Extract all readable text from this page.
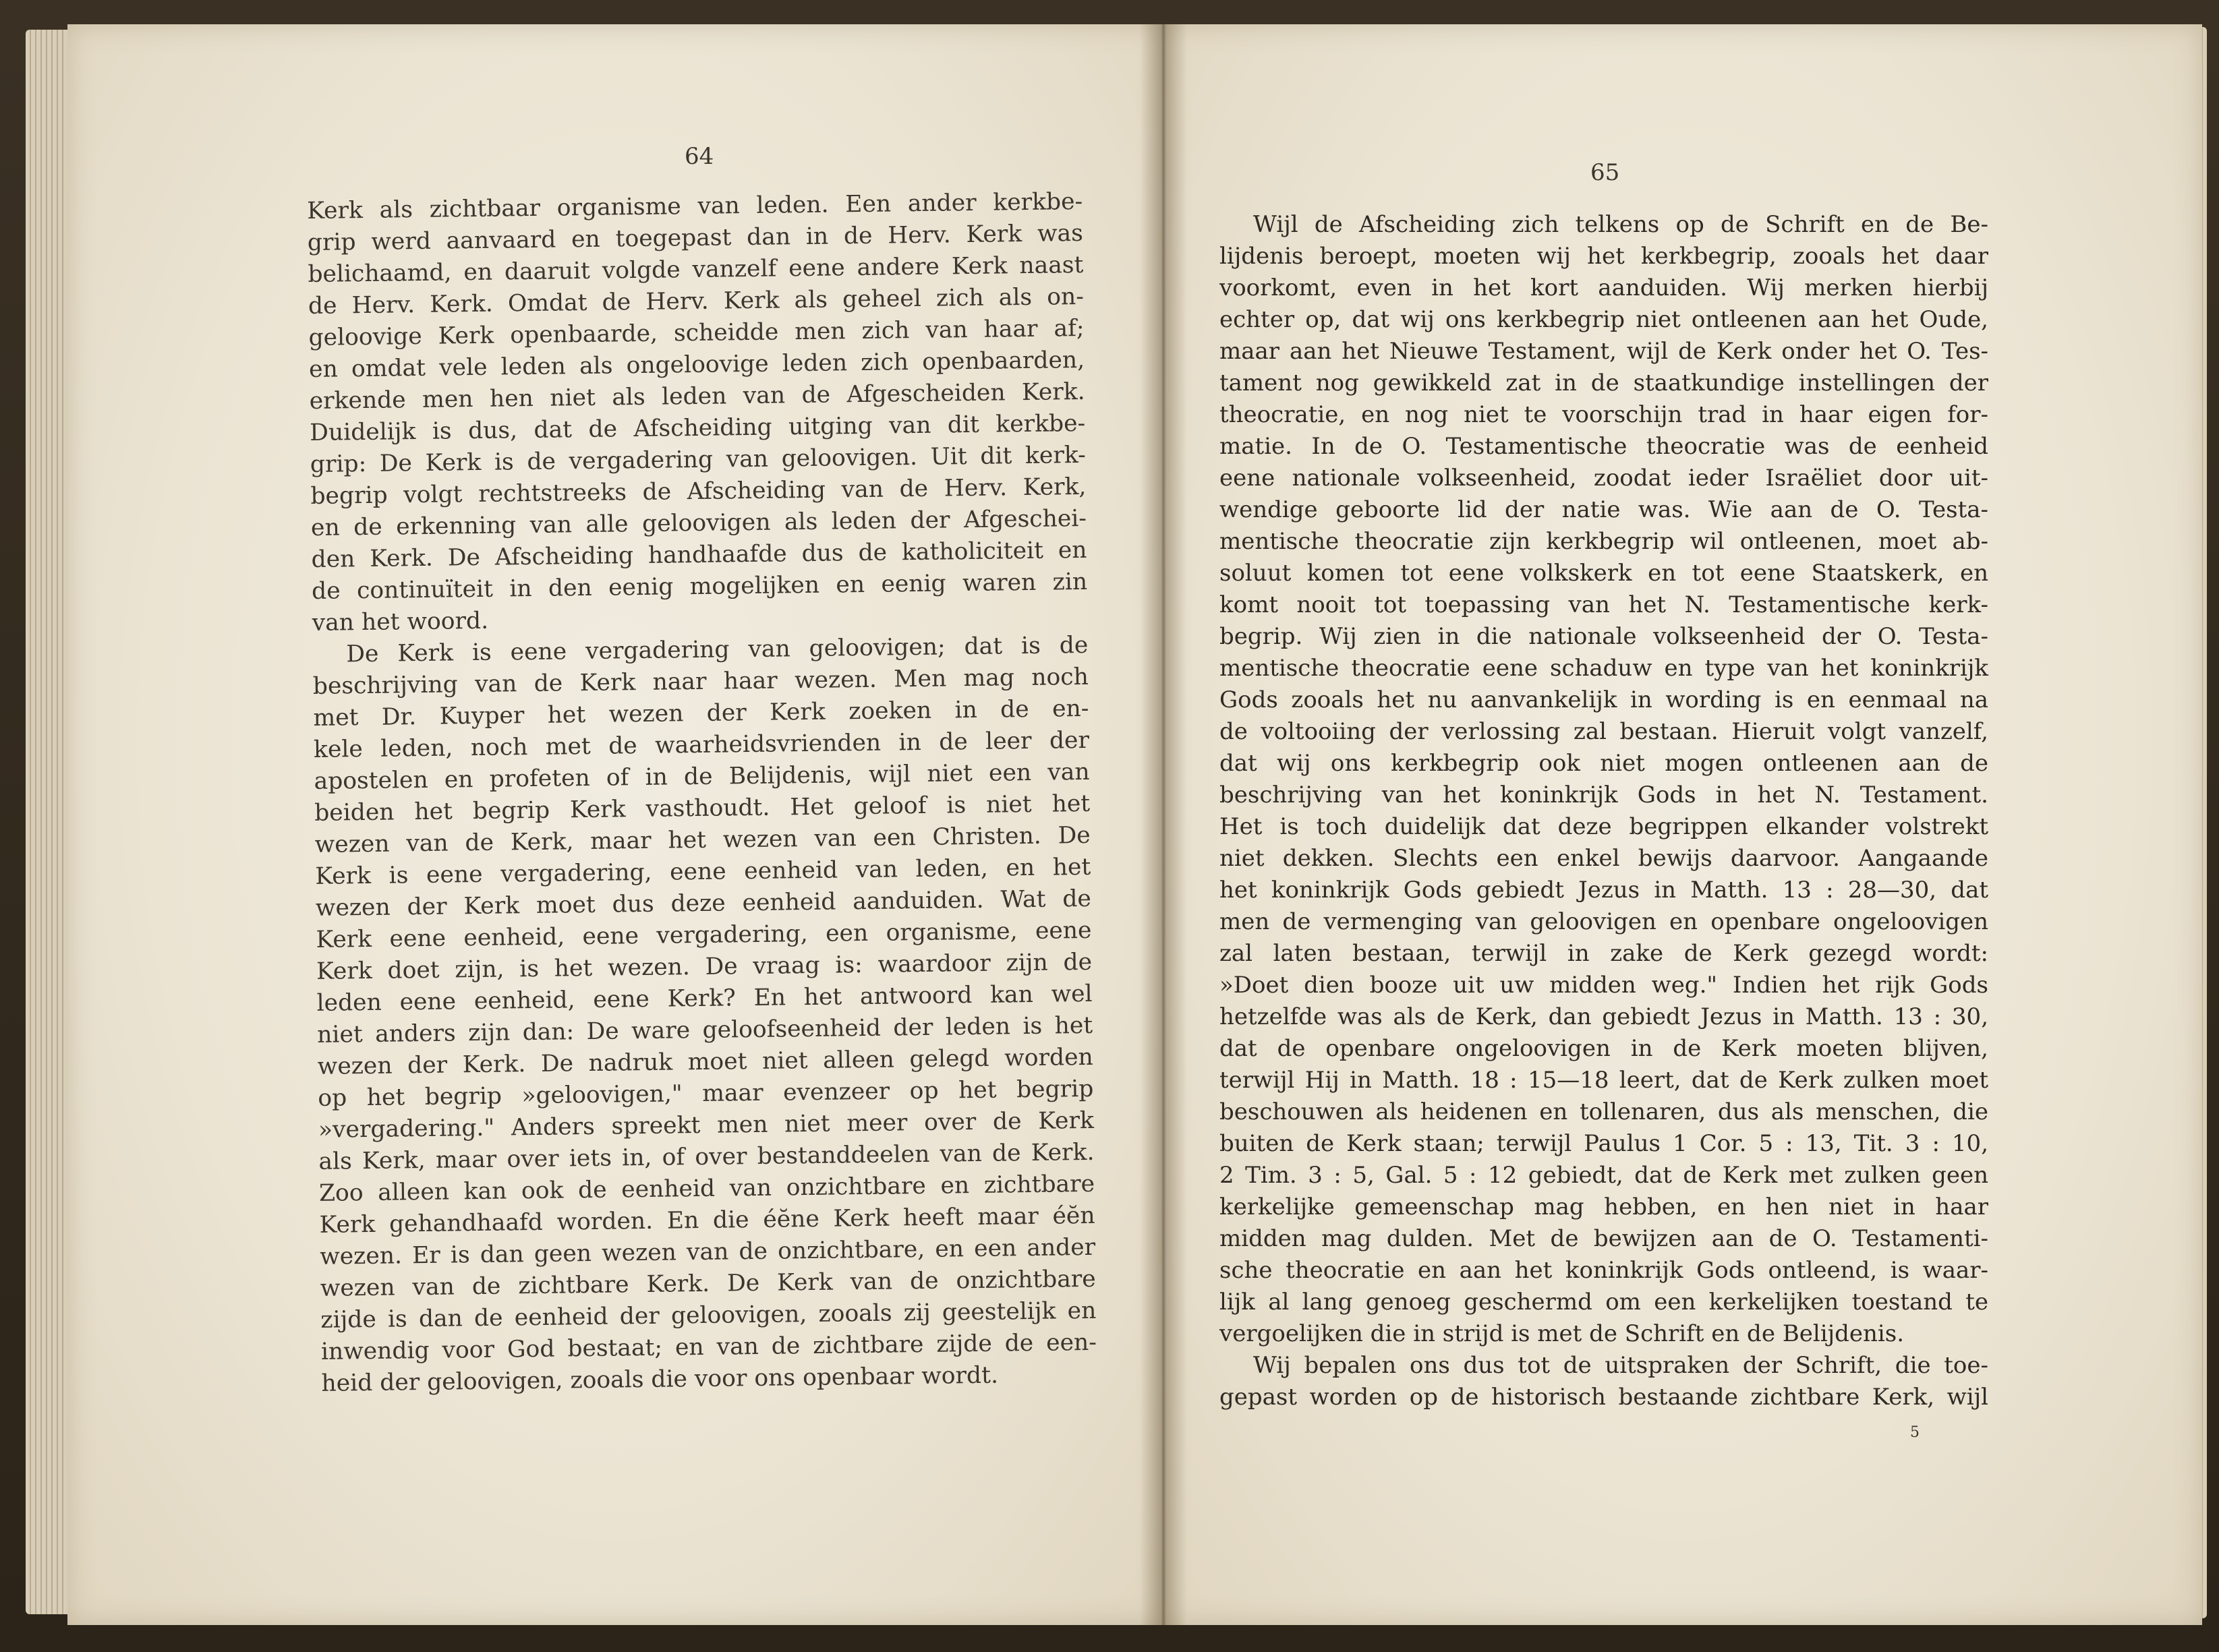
64
65
Kerk als zichtbaar organisme van leden. Een ander kerkbe-
grip werd aanvaard en toegepast dan in de Herv. Kerk was
belichaamd, en daaruit volgde vanzelf eene andere Kerk naast
de Herv. Kerk. Omdat de Herv. Kerk als geheel zich als on-
geloovige Kerk openbaarde, scheidde men zich van haar af;
en omdat vele leden als ongeloovige leden zich openbaarden,
erkende men hen niet als leden van de Afgescheiden Kerk.
Duidelijk is dus, dat de Afscheiding uitging van dit kerkbe-
grip: De Kerk is de vergadering van geloovigen. Uit dit kerk-
begrip volgt rechtstreeks de Afscheiding van de Herv. Kerk,
en de erkenning van alle geloovigen als leden der Afgeschei-
den Kerk. De Afscheiding handhaafde dus de katholiciteit en
de continuïteit in den eenig mogelijken en eenig waren zin
van het woord.
De Kerk is eene vergadering van geloovigen; dat is de
beschrijving van de Kerk naar haar wezen. Men mag noch
met Dr. Kuyper het wezen der Kerk zoeken in de en-
kele leden, noch met de waarheidsvrienden in de leer der
apostelen en profeten of in de Belijdenis, wijl niet een van
beiden het begrip Kerk vasthoudt. Het geloof is niet het
wezen van de Kerk, maar het wezen van een Christen. De
Kerk is eene vergadering, eene eenheid van leden, en het
wezen der Kerk moet dus deze eenheid aanduiden. Wat de
Kerk eene eenheid, eene vergadering, een organisme, eene
Kerk doet zijn, is het wezen. De vraag is: waardoor zijn de
leden eene eenheid, eene Kerk? En het antwoord kan wel
niet anders zijn dan: De ware geloofseenheid der leden is het
wezen der Kerk. De nadruk moet niet alleen gelegd worden
op het begrip »geloovigen," maar evenzeer op het begrip
»vergadering." Anders spreekt men niet meer over de Kerk
als Kerk, maar over iets in, of over bestanddeelen van de Kerk.
Zoo alleen kan ook de eenheid van onzichtbare en zichtbare
Kerk gehandhaafd worden. En die éĕne Kerk heeft maar éĕn
wezen. Er is dan geen wezen van de onzichtbare, en een ander
wezen van de zichtbare Kerk. De Kerk van de onzichtbare
zijde is dan de eenheid der geloovigen, zooals zij geestelijk en
inwendig voor God bestaat; en van de zichtbare zijde de een-
heid der geloovigen, zooals die voor ons openbaar wordt.
Wijl de Afscheiding zich telkens op de Schrift en de Be-
lijdenis beroept, moeten wij het kerkbegrip, zooals het daar
voorkomt, even in het kort aanduiden. Wij merken hierbij
echter op, dat wij ons kerkbegrip niet ontleenen aan het Oude,
maar aan het Nieuwe Testament, wijl de Kerk onder het O. Tes-
tament nog gewikkeld zat in de staatkundige instellingen der
theocratie, en nog niet te voorschijn trad in haar eigen for-
matie. In de O. Testamentische theocratie was de eenheid
eene nationale volkseenheid, zoodat ieder Israëliet door uit-
wendige geboorte lid der natie was. Wie aan de O. Testa-
mentische theocratie zijn kerkbegrip wil ontleenen, moet ab-
soluut komen tot eene volkskerk en tot eene Staatskerk, en
komt nooit tot toepassing van het N. Testamentische kerk-
begrip. Wij zien in die nationale volkseenheid der O. Testa-
mentische theocratie eene schaduw en type van het koninkrijk
Gods zooals het nu aanvankelijk in wording is en eenmaal na
de voltooiing der verlossing zal bestaan. Hieruit volgt vanzelf,
dat wij ons kerkbegrip ook niet mogen ontleenen aan de
beschrijving van het koninkrijk Gods in het N. Testament.
Het is toch duidelijk dat deze begrippen elkander volstrekt
niet dekken. Slechts een enkel bewijs daarvoor. Aangaande
het koninkrijk Gods gebiedt Jezus in Matth. 13 : 28—30, dat
men de vermenging van geloovigen en openbare ongeloovigen
zal laten bestaan, terwijl in zake de Kerk gezegd wordt:
»Doet dien booze uit uw midden weg." Indien het rijk Gods
hetzelfde was als de Kerk, dan gebiedt Jezus in Matth. 13 : 30,
dat de openbare ongeloovigen in de Kerk moeten blijven,
terwijl Hij in Matth. 18 : 15—18 leert, dat de Kerk zulken moet
beschouwen als heidenen en tollenaren, dus als menschen, die
buiten de Kerk staan; terwijl Paulus 1 Cor. 5 : 13, Tit. 3 : 10,
2 Tim. 3 : 5, Gal. 5 : 12 gebiedt, dat de Kerk met zulken geen
kerkelijke gemeenschap mag hebben, en hen niet in haar
midden mag dulden. Met de bewijzen aan de O. Testamenti-
sche theocratie en aan het koninkrijk Gods ontleend, is waar-
lijk al lang genoeg geschermd om een kerkelijken toestand te
vergoelijken die in strijd is met de Schrift en de Belijdenis.
Wij bepalen ons dus tot de uitspraken der Schrift, die toe-
gepast worden op de historisch bestaande zichtbare Kerk, wijl
5
